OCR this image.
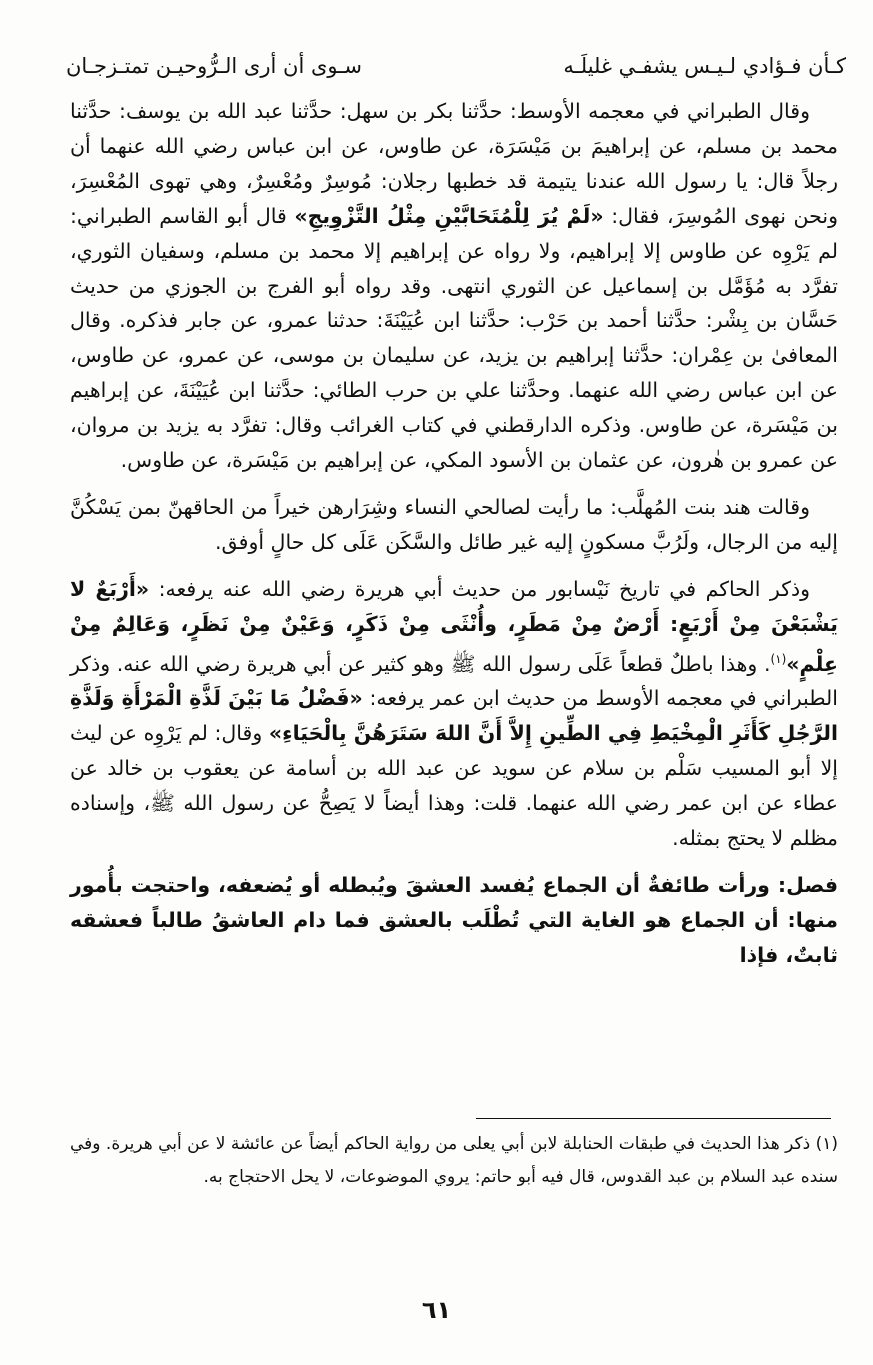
كـأن فـؤادي لـيـس يشفـي غليلَـه
سـوى أن أرى الـرُّوحيـن تمتـزجـان

وقال الطبراني في معجمه الأوسط: حدَّثنا بكر بن سهل: حدَّثنا عبد الله بن يوسف: حدَّثنا محمد بن مسلم، عن إبراهيمَ بن مَيْسَرَة، عن طاوس، عن ابن عباس رضي الله عنهما أن رجلاً قال: يا رسول الله عندنا يتيمة قد خطبها رجلان: مُوسِرٌ ومُعْسِرٌ، وهي تهوى المُعْسِرَ، ونحن نهوى المُوسِرَ، فقال: «لَمْ يُرَ لِلْمُتَحَابَّيْنِ مِثْلُ التَّزْوِيجِ» قال أبو القاسم الطبراني: لم يَرْوِه عن طاوس إلا إبراهيم، ولا رواه عن إبراهيم إلا محمد بن مسلم، وسفيان الثوري، تفرَّد به مُؤَمَّل بن إسماعيل عن الثوري انتهى. وقد رواه أبو الفرج بن الجوزي من حديث حَسَّان بن بِشْر: حدَّثنا أحمد بن حَرْب: حدَّثنا ابن عُيَيْنَةَ: حدثنا عمرو، عن جابر فذكره. وقال المعافىٰ بن عِمْران: حدَّثنا إبراهيم بن يزيد، عن سليمان بن موسى، عن عمرو، عن طاوس، عن ابن عباس رضي الله عنهما. وحدَّثنا علي بن حرب الطائي: حدَّثنا ابن عُيَيْنَةَ، عن إبراهيم بن مَيْسَرة، عن طاوس. وذكره الدارقطني في كتاب الغرائب وقال: تفرَّد به يزيد بن مروان، عن عمرو بن هٰرون، عن عثمان بن الأسود المكي، عن إبراهيم بن مَيْسَرة، عن طاوس.

وقالت هند بنت المُهلَّب: ما رأيت لصالحي النساء وشِرَارهن خيراً من الحاقهنّ بمن يَسْكُنَّ إليه من الرجال، ولَرُبَّ مسكونٍ إليه غير طائل والسَّكَن عَلَى كل حالٍ أوفق.

وذكر الحاكم في تاريخ نَيْسابور من حديث أبي هريرة رضي الله عنه يرفعه: «أَرْبَعٌ لا يَشْبَعْنَ مِنْ أَرْبَعٍ: أَرْضٌ مِنْ مَطَرٍ، وأُنْثَى مِنْ ذَكَرٍ، وَعَيْنٌ مِنْ نَظَرٍ، وَعَالِمٌ مِنْ عِلْمٍ»$^{(١)}$. وهذا باطلٌ قطعاً عَلَى رسول الله ﷺ وهو كثير عن أبي هريرة رضي الله عنه. وذكر الطبراني في معجمه الأوسط من حديث ابن عمر يرفعه: «فَضْلُ مَا بَيْنَ لَذَّةِ الْمَرْأَةِ وَلَذَّةِ الرَّجُلِ كَأَثَرِ الْمِخْيَطِ فِي الطِّينِ إِلاَّ أَنَّ اللهَ سَتَرَهُنَّ بِالْحَيَاءِ» وقال: لم يَرْوِه عن ليث إلا أبو المسيب سَلْم بن سلام عن سويد عن عبد الله بن أسامة عن يعقوب بن خالد عن عطاء عن ابن عمر رضي الله عنهما. قلت: وهذا أيضاً لا يَصِحُّ عن رسول الله ﷺ، وإسناده مظلم لا يحتج بمثله.

فصل: ورأت طائفةٌ أن الجماع يُفسد العشقَ ويُبطله أو يُضعفه، واحتجت بأُمور منها: أن الجماع هو الغاية التي تُطْلَب بالعشق فما دام العاشقُ طالباً فعشقه ثابتٌ، فإذا

(١) ذكر هذا الحديث في طبقات الحنابلة لابن أبي يعلى من رواية الحاكم أيضاً عن عائشة لا عن أبي هريرة. وفي سنده عبد السلام بن عبد القدوس، قال فيه أبو حاتم: يروي الموضوعات، لا يحل الاحتجاج به.
٦١
